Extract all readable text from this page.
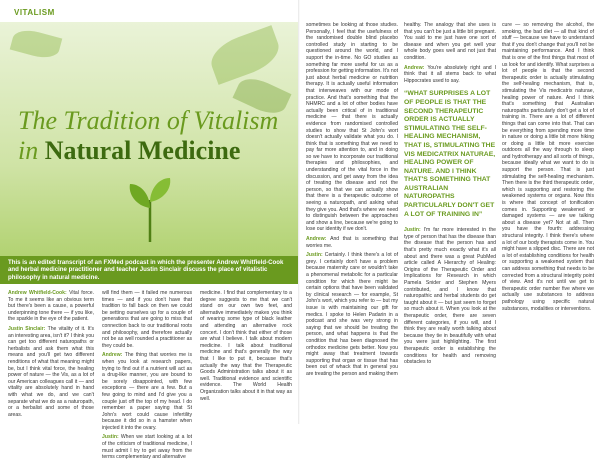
VITALISM
The Tradition of Vitalism
in Natural Medicine
This is an edited transcript of an FXMed podcast in which the presenter Andrew Whitfield-Cook and herbal medicine practitioner and teacher Justin Sinclair discuss the place of vitalistic philosophy in natural medicine.

Andrew Whitfield-Cook: Vital force. To me it seems like an obvious term but there's been a cause, a powerful underpinning tone there — if you like, the sparkle in the eye of the patient.

Justin Sinclair: The vitality of it. It's an interesting area, isn't it? I think you can get too different naturopaths or herbalists and ask them what this means and you'll get two different renditions of what that meaning might be, but I think vital force, the healing power of nature — the Vis, as a lot of our American colleagues call it — and vitality are absolutely hand in hand with what we do, and we can't separate what we do as a naturopath, or a herbalist and some of those areas.

will find them — it failed me numerous times — and if you don't have that tradition to fall back on then we could be setting ourselves up for a couple of generations that are going to miss that connection back to our traditional roots and philosophy, and therefore actually not be as well rounded a practitioner as they could be.

Andrew: The thing that worries me is when you look at research papers, trying to find out if a nutrient will act as a drug-like manner, you are bound to be sorely disappointed, with few exceptions — there are a few. But a few going to mind and I'd give you a couple just off the top of my head. I do remember a paper saying that St John's wort could cause infertility because it did so in a hamster when injected it into the ovary.

Justin: When we start looking at a lot of the criticism of traditional medicine, I must admit I try to get away from the terms complementary and alternative

medicine. I find that complementary to a degree suggests to me that we can't stand on our own two feet, and alternative immediately makes you think of wearing some type of black leather and attending an alternative rock concert. I don't think that either of those are what I believe. I talk about modern medicine. I talk about traditional medicine and that's generally the way that I like to put it, because that's actually the way that the Therapeutic Goods Administration talks about it as well. Traditional evidence and scientific evidence. The World Health Organization talks about it in that way as well.

sometimes be looking at those studies. Personally, I feel that the usefulness of the randomised double blind placebo controlled study in starting to be questioned around the world, and I support the in-time. No GO studies as something far more useful for us as a profession for getting information. It's not just about herbal medicine or nutrition therapy. It is actually useful information that interweaves with our mode of practice. And that's something that the NHMRC and a lot of other bodies have actually been critical of in traditional medicine — that there is actually evidence from randomised controlled studies to show that St John's wort doesn't actually validate what you do. I think that is something that we need to pay far more attention to, and in doing so we have to incorporate our traditional therapies and philosophies, and understanding of the vital force in the discussion, and get away from the idea of treating the disease and not the person, so that we can actually show that there is a therapeutic outcome of seeing a naturopath, and asking what they give you. And that's where we need to distinguish between the approaches and show a line, because we're going to lose our identity if we don't.

Andrew: And that is something that worries me.

Justin: Certainly. I think there's a lot of grey. I certainly don't have a problem because maternity care or wouldn't take a phenomenal metabolic for a particular condition for which there might be certain options that have been validated by clinical research — for example, St John's wort, which you refer to — but my issue is with maintaining our gift for medics. I spoke to Helen Padarin in a podcast and she was very strong in saying that we should be treating the person, and what happens is that the condition that has been diagnosed the orthodox medicine gets better. Now you might away that treatment towards supporting that organ or tissue that has been out of whack that in general you are treating the person and making them

healthy. The analogy that she uses is that you can't be just a little bit pregnant. You said to me just have one sort of disease and when you get well your whole body goes well and not just that condition.

Andrew: You're absolutely right and I think that it all stems back to what Hippocrates used to say.

“WHAT SURPRISES A LOT OF PEOPLE IS THAT THE SECOND THERAPEUTIC ORDER IS ACTUALLY STIMULATING THE SELF-HEALING MECHANISM, THAT IS, STIMULATING THE VIS MEDICATRIX NATURAE, HEALING POWER OF NATURE. AND I THINK THAT'S SOMETHING THAT AUSTRALIAN NATUROPATHS PARTICULARLY DON'T GET A LOT OF TRAINING IN”

Justin: I'm far more interested in the type of person that has the disease than the disease that the person has and that's pretty much exactly what it's all about and there was a great PubMed article called A Hierarchy of Healing: Origins of the Therapeutic Order and Implications for Research in which Pamela Snider and Stephen Myers contributed, and I know that naturopathic and herbal students do get taught about it — but just seem to forget so much about it. When you look at the therapeutic order, there are seven different categories, if you will, and I think they are really worth talking about because they tie in beautifully with what you were just highlighting. The first therapeutic order is establishing the conditions for health and removing obstacles to

cure — so removing the alcohol, the smoking, the bad diet — all that kind of stuff — because we have to understand that if you don't change that you'll not be maintaining performance. And I think that is one of the first things that most of us look for and identify. What surprises a lot of people is that the second therapeutic order is actually stimulating the self-healing mechanism, that is, stimulating the Vis medicatrix naturae, healing power of nature. And I think that's something that Australian naturopaths particularly don't get a lot of training in. There are a lot of different things that can come into that. That can be everything from spending more time in nature or doing a little bit more hiking or doing a little bit more exercise outdoors all the way through to sleep and hydrotherapy and all sorts of things, because ideally what we want to do is support the person. That is just stimulating the self-healing mechanism. Then there is the third therapeutic order, which is supporting and restoring the weakened systems or organs. Now this is where that concept of tonification comes in. Supporting weakened or damaged systems — are we talking about a disease yet? Not at all. Then you have the fourth: addressing structural integrity. I think there's where a lot of our body therapists come in. You might have a slipped disc. There are not a lot of establishing conditions for health or supporting a weakened system that can address something that needs to be corrected from a structural integrity point of view. And it's not until we get to therapeutic order number five where we actually use substances to address pathology using specific natural substances, modalities or interventions.
